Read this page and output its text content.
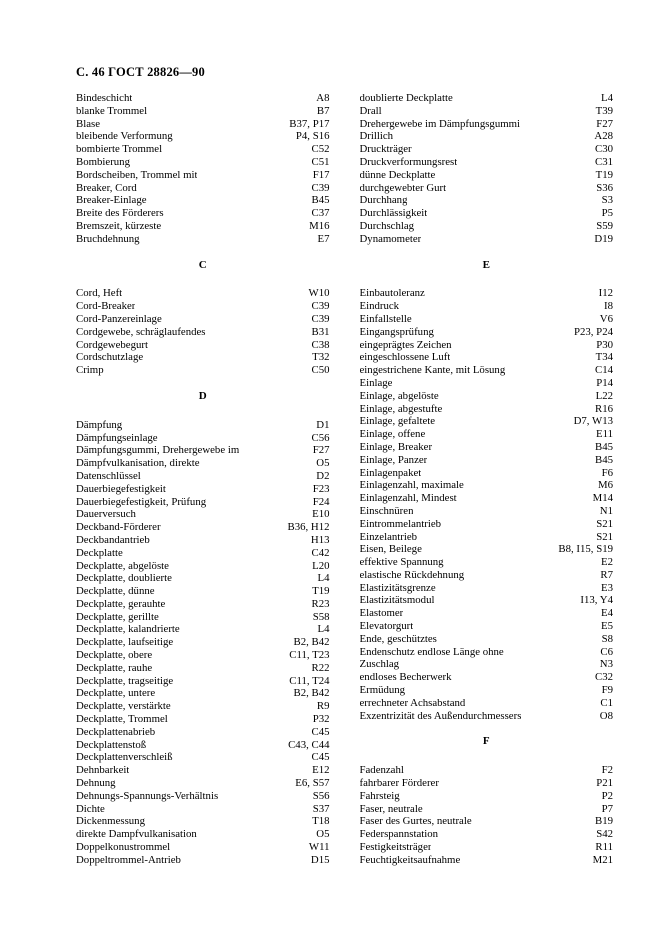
С. 46 ГОСТ 28826—90
Bindeschicht	A8
blanke Trommel	B7
Blase	B37, P17
bleibende Verformung	P4, S16
bombierte Trommel	C52
Bombierung	C51
Bordscheiben, Trommel mit	F17
Breaker, Cord	C39
Breaker-Einlage	B45
Breite des Förderers	C37
Bremszeit, kürzeste	M16
Bruchdehnung	E7
C
Cord, Heft	W10
Cord-Breaker	C39
Cord-Panzereinlage	C39
Cordgewebe, schräglaufendes	B31
Cordgewebegurt	C38
Cordschutzlage	T32
Crimp	C50
D
Dämpfung	D1
Dämpfungseinlage	C56
Dämpfungsgummi, Drehergewebe im	F27
Dämpfvulkanisation, direkte	O5
Datenschlüssel	D2
Dauerbiegefestigkeit	F23
Dauerbiegefestigkeit, Prüfung	F24
Dauerversuch	E10
Deckband-Förderer	B36, H12
Deckbandantrieb	H13
Deckplatte	C42
Deckplatte, abgelöste	L20
Deckplatte, doublierte	L4
Deckplatte, dünne	T19
Deckplatte, gerauhte	R23
Deckplatte, gerillte	S58
Deckplatte, kalandrierte	L4
Deckplatte, laufseitige	B2, B42
Deckplatte, obere	C11, T23
Deckplatte, rauhe	R22
Deckplatte, tragseitige	C11, T24
Deckplatte, untere	B2, B42
Deckplatte, verstärkte	R9
Deckplatte, Trommel	P32
Deckplattenabrieb	C45
Deckplattenstoß	C43, C44
Deckplattenverschleiß	C45
Dehnbarkeit	E12
Dehnung	E6, S57
Dehnungs-Spannungs-Verhältnis	S56
Dichte	S37
Dickenmessung	T18
direkte Dampfvulkanisation	O5
Doppelkonustrommel	W11
Doppeltrommel-Antrieb	D15
doublierte Deckplatte	L4
Drall	T39
Drehergewebe im Dämpfungsgummi	F27
Drillich	A28
Druckträger	C30
Druckverformungsrest	C31
dünne Deckplatte	T19
durchgewebter Gurt	S36
Durchhang	S3
Durchlässigkeit	P5
Durchschlag	S59
Dynamometer	D19
E
Einbautoleranz	I12
Eindruck	I8
Einfallstelle	V6
Eingangsprüfung	P23, P24
eingeprägtes Zeichen	P30
eingeschlossene Luft	T34
eingestrichene Kante, mit Lösung	C14
Einlage	P14
Einlage, abgelöste	L22
Einlage, abgestufte	R16
Einlage, gefaltete	D7, W13
Einlage, offene	E11
Einlage, Breaker	B45
Einlage, Panzer	B45
Einlagenpaket	F6
Einlagenzahl, maximale	M6
Einlagenzahl, Mindest	M14
Einschnüren	N1
Eintrommelantrieb	S21
Einzelantrieb	S21
Eisen, Beilege	B8, I15, S19
effektive Spannung	E2
elastische Rückdehnung	R7
Elastizitätsgrenze	E3
Elastizitätsmodul	I13, Y4
Elastomer	E4
Elevatorgurt	E5
Ende, geschütztes	S8
Endenschutz endlose Länge ohne	C6
Zuschlag	N3
endloses Becherwerk	C32
Ermüdung	F9
errechneter Achsabstand	C1
Exzentrizität des Außendurchmessers	O8
F
Fadenzahl	F2
fahrbarer Förderer	P21
Fahrsteig	P2
Faser, neutrale	P7
Faser des Gurtes, neutrale	B19
Federspannstation	S42
Festigkeitsträger	R11
Feuchtigkeitsaufnahme	M21
